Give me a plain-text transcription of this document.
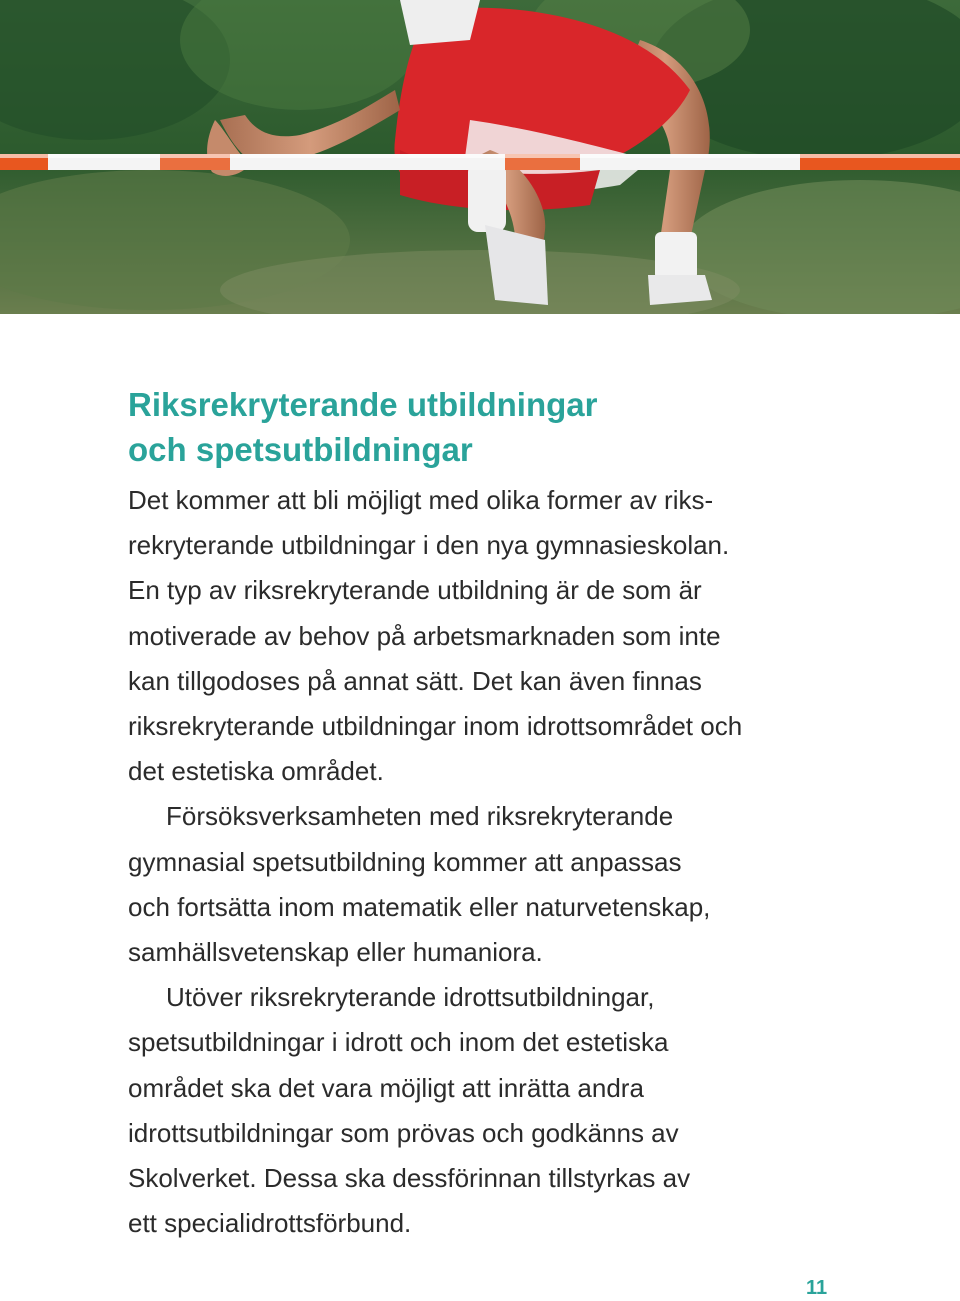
Riksrekryterande utbildningar
och spetsutbildningar

Det kommer att bli möjligt med olika former av riks-
rekryterande utbildningar i den nya gymnasieskolan.
En typ av riksrekryterande utbildning är de som är
motiverade av behov på arbetsmarknaden som inte
kan tillgodoses på annat sätt. Det kan även finnas
riksrekryterande utbildningar inom idrottsområdet och
det estetiska området.

Försöksverksamheten med riksrekryterande
gymnasial spetsutbildning kommer att anpassas
och fortsätta inom matematik eller naturvetenskap,
samhällsvetenskap eller humaniora.

Utöver riksrekryterande idrottsutbildningar,
spetsutbildningar i idrott och inom det estetiska
området ska det vara möjligt att inrätta andra
idrottsutbildningar som prövas och godkänns av
Skolverket. Dessa ska dessförinnan tillstyrkas av
ett specialidrottsförbund.

11
